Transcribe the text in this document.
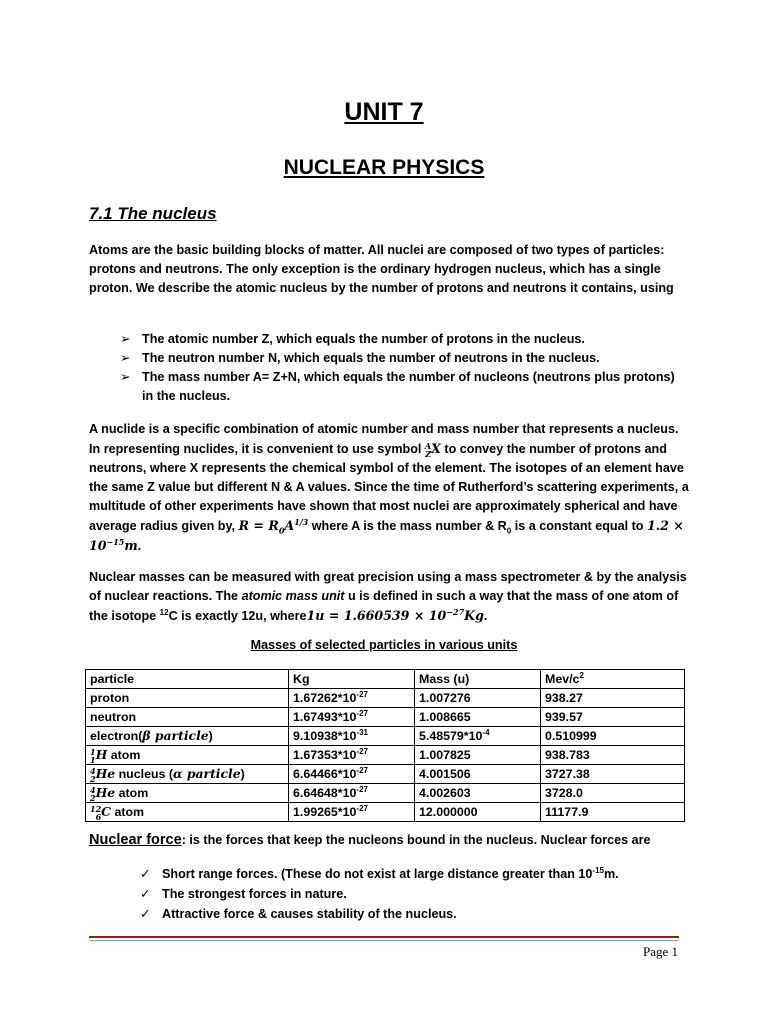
UNIT 7
NUCLEAR PHYSICS
7.1 The nucleus
Atoms are the basic building blocks of matter. All nuclei are composed of two types of particles: protons and neutrons. The only exception is the ordinary hydrogen nucleus, which has a single proton. We describe the atomic nucleus by the number of protons and neutrons it contains, using
➢ The atomic number Z, which equals the number of protons in the nucleus.
➢ The neutron number N, which equals the number of neutrons in the nucleus.
➢ The mass number A= Z+N, which equals the number of nucleons (neutrons plus protons) in the nucleus.
A nuclide is a specific combination of atomic number and mass number that represents a nucleus. In representing nuclides, it is convenient to use symbol A
Z X to convey the number of protons and neutrons, where X represents the chemical symbol of the element. The isotopes of an element have the same Z value but different N & A values. Since the time of Rutherford’s scattering experiments, a multitude of other experiments have shown that most nuclei are approximately spherical and have average radius given by, $R = R_0A^{1/3}$ where A is the mass number & $R_0$ is a constant equal to $1.2 \times 10^{-15}m$.
Nuclear masses can be measured with great precision using a mass spectrometer & by the analysis of nuclear reactions. The atomic mass unit u is defined in such a way that the mass of one atom of the isotope $^{12}$C is exactly 12u, where1u = $1.660539 \times 10^{-27}Kg$.
Masses of selected particles in various units
particle	Kg	Mass (u)	Mev/$c^2$
proton	$1.67262*10^{-27}$	1.007276	938.27
neutron	$1.67493*10^{-27}$	1.008665	939.57
electron(β particle)	$9.10938*10^{-31}$	$5.48579*10^{-4}$	0.510999

1
1 H atom	$1.67353*10^{-27}$	1.007825	938.783

4
2 He nucleus (α particle)	$6.64466*10^{-27}$	4.001506	3727.38

4
2 He atom	$6.64648*10^{-27}$	4.002603	3728.0

12
6 C atom	$1.99265*10^{-27}$	12.000000	11177.9
Nuclear force: is the forces that keep the nucleons bound in the nucleus. Nuclear forces are
✓ Short range forces. (These do not exist at large distance greater than $10^{-15}m$.
✓ The strongest forces in nature.
✓ Attractive force & causes stability of the nucleus.
Page 1
